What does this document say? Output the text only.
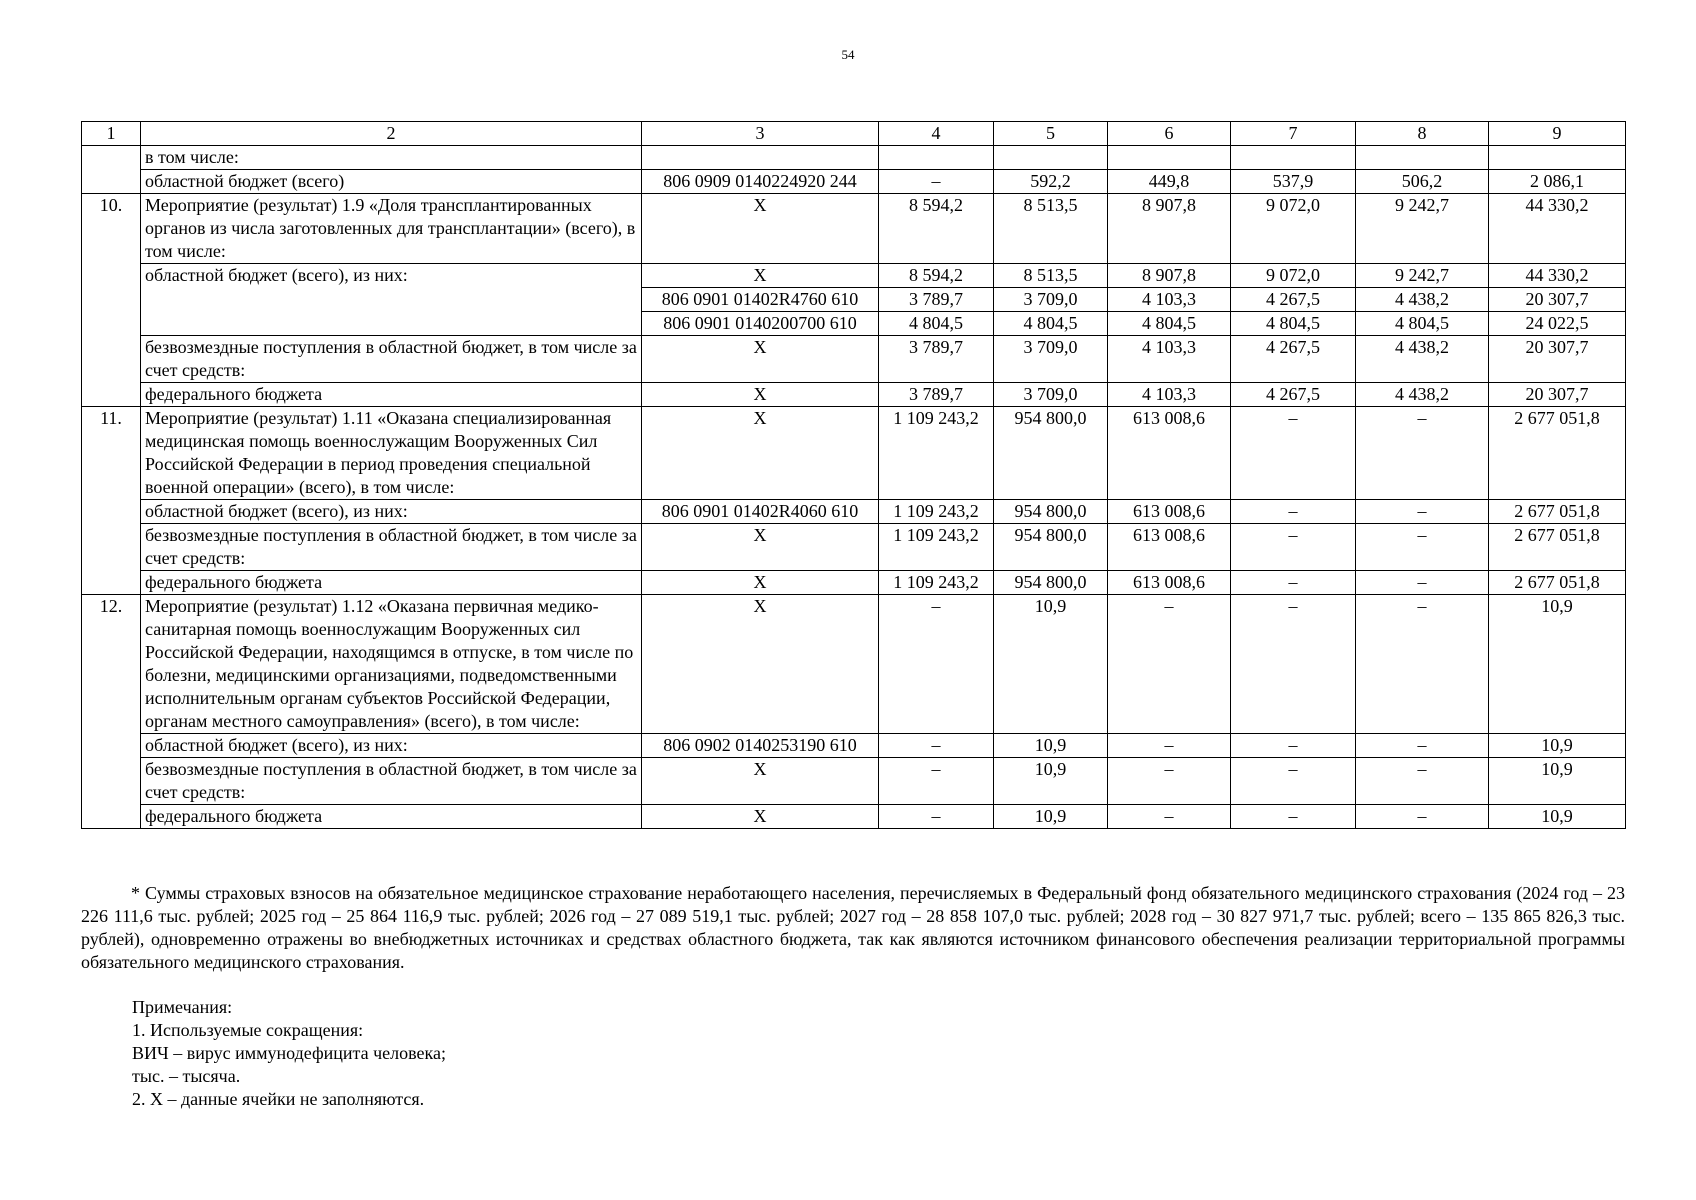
54
1	2	3	4	5	6	7	8	9
	в том числе:							
	областной бюджет (всего)	806 0909 0140224920 244	–	592,2	449,8	537,9	506,2	2 086,1
10.	Мероприятие (результат) 1.9 «Доля трансплантированных органов из числа заготовленных для трансплантации» (всего), в том числе:	X	8 594,2	8 513,5	8 907,8	9 072,0	9 242,7	44 330,2
	областной бюджет (всего), из них:	X	8 594,2	8 513,5	8 907,8	9 072,0	9 242,7	44 330,2
		806 0901 01402R4760 610	3 789,7	3 709,0	4 103,3	4 267,5	4 438,2	20 307,7
		806 0901 0140200700 610	4 804,5	4 804,5	4 804,5	4 804,5	4 804,5	24 022,5
	безвозмездные поступления в областной бюджет, в том числе за счет средств:	X	3 789,7	3 709,0	4 103,3	4 267,5	4 438,2	20 307,7
	федерального бюджета	X	3 789,7	3 709,0	4 103,3	4 267,5	4 438,2	20 307,7
11.	Мероприятие (результат) 1.11 «Оказана специализированная медицинская помощь военнослужащим Вооруженных Сил Российской Федерации в период проведения специальной военной операции» (всего), в том числе:	X	1 109 243,2	954 800,0	613 008,6	–	–	2 677 051,8
	областной бюджет (всего), из них:	806 0901 01402R4060 610	1 109 243,2	954 800,0	613 008,6	–	–	2 677 051,8
	безвозмездные поступления в областной бюджет, в том числе за счет средств:	X	1 109 243,2	954 800,0	613 008,6	–	–	2 677 051,8
	федерального бюджета	X	1 109 243,2	954 800,0	613 008,6	–	–	2 677 051,8
12.	Мероприятие (результат) 1.12 «Оказана первичная медико-санитарная помощь военнослужащим Вооруженных сил Российской Федерации, находящимся в отпуске, в том числе по болезни, медицинскими организациями, подведомственными исполнительным органам субъектов Российской Федерации, органам местного самоуправления» (всего), в том числе:	X	–	10,9	–	–	–	10,9
	областной бюджет (всего), из них:	806 0902 0140253190 610	–	10,9	–	–	–	10,9
	безвозмездные поступления в областной бюджет, в том числе за счет средств:	X	–	10,9	–	–	–	10,9
	федерального бюджета	X	–	10,9	–	–	–	10,9

* Суммы страховых взносов на обязательное медицинское страхование неработающего населения, перечисляемых в Федеральный фонд обязательного медицинского страхования (2024 год – 23 226 111,6 тыс. рублей; 2025 год – 25 864 116,9 тыс. рублей; 2026 год – 27 089 519,1 тыс. рублей; 2027 год – 28 858 107,0 тыс. рублей; 2028 год – 30 827 971,7 тыс. рублей; всего – 135 865 826,3 тыс. рублей), одновременно отражены во внебюджетных источниках и средствах областного бюджета, так как являются источником финансового обеспечения реализации территориальной программы обязательного медицинского страхования.

Примечания:
1. Используемые сокращения:
ВИЧ – вирус иммунодефицита человека;
тыс. – тысяча.
2. X – данные ячейки не заполняются.
